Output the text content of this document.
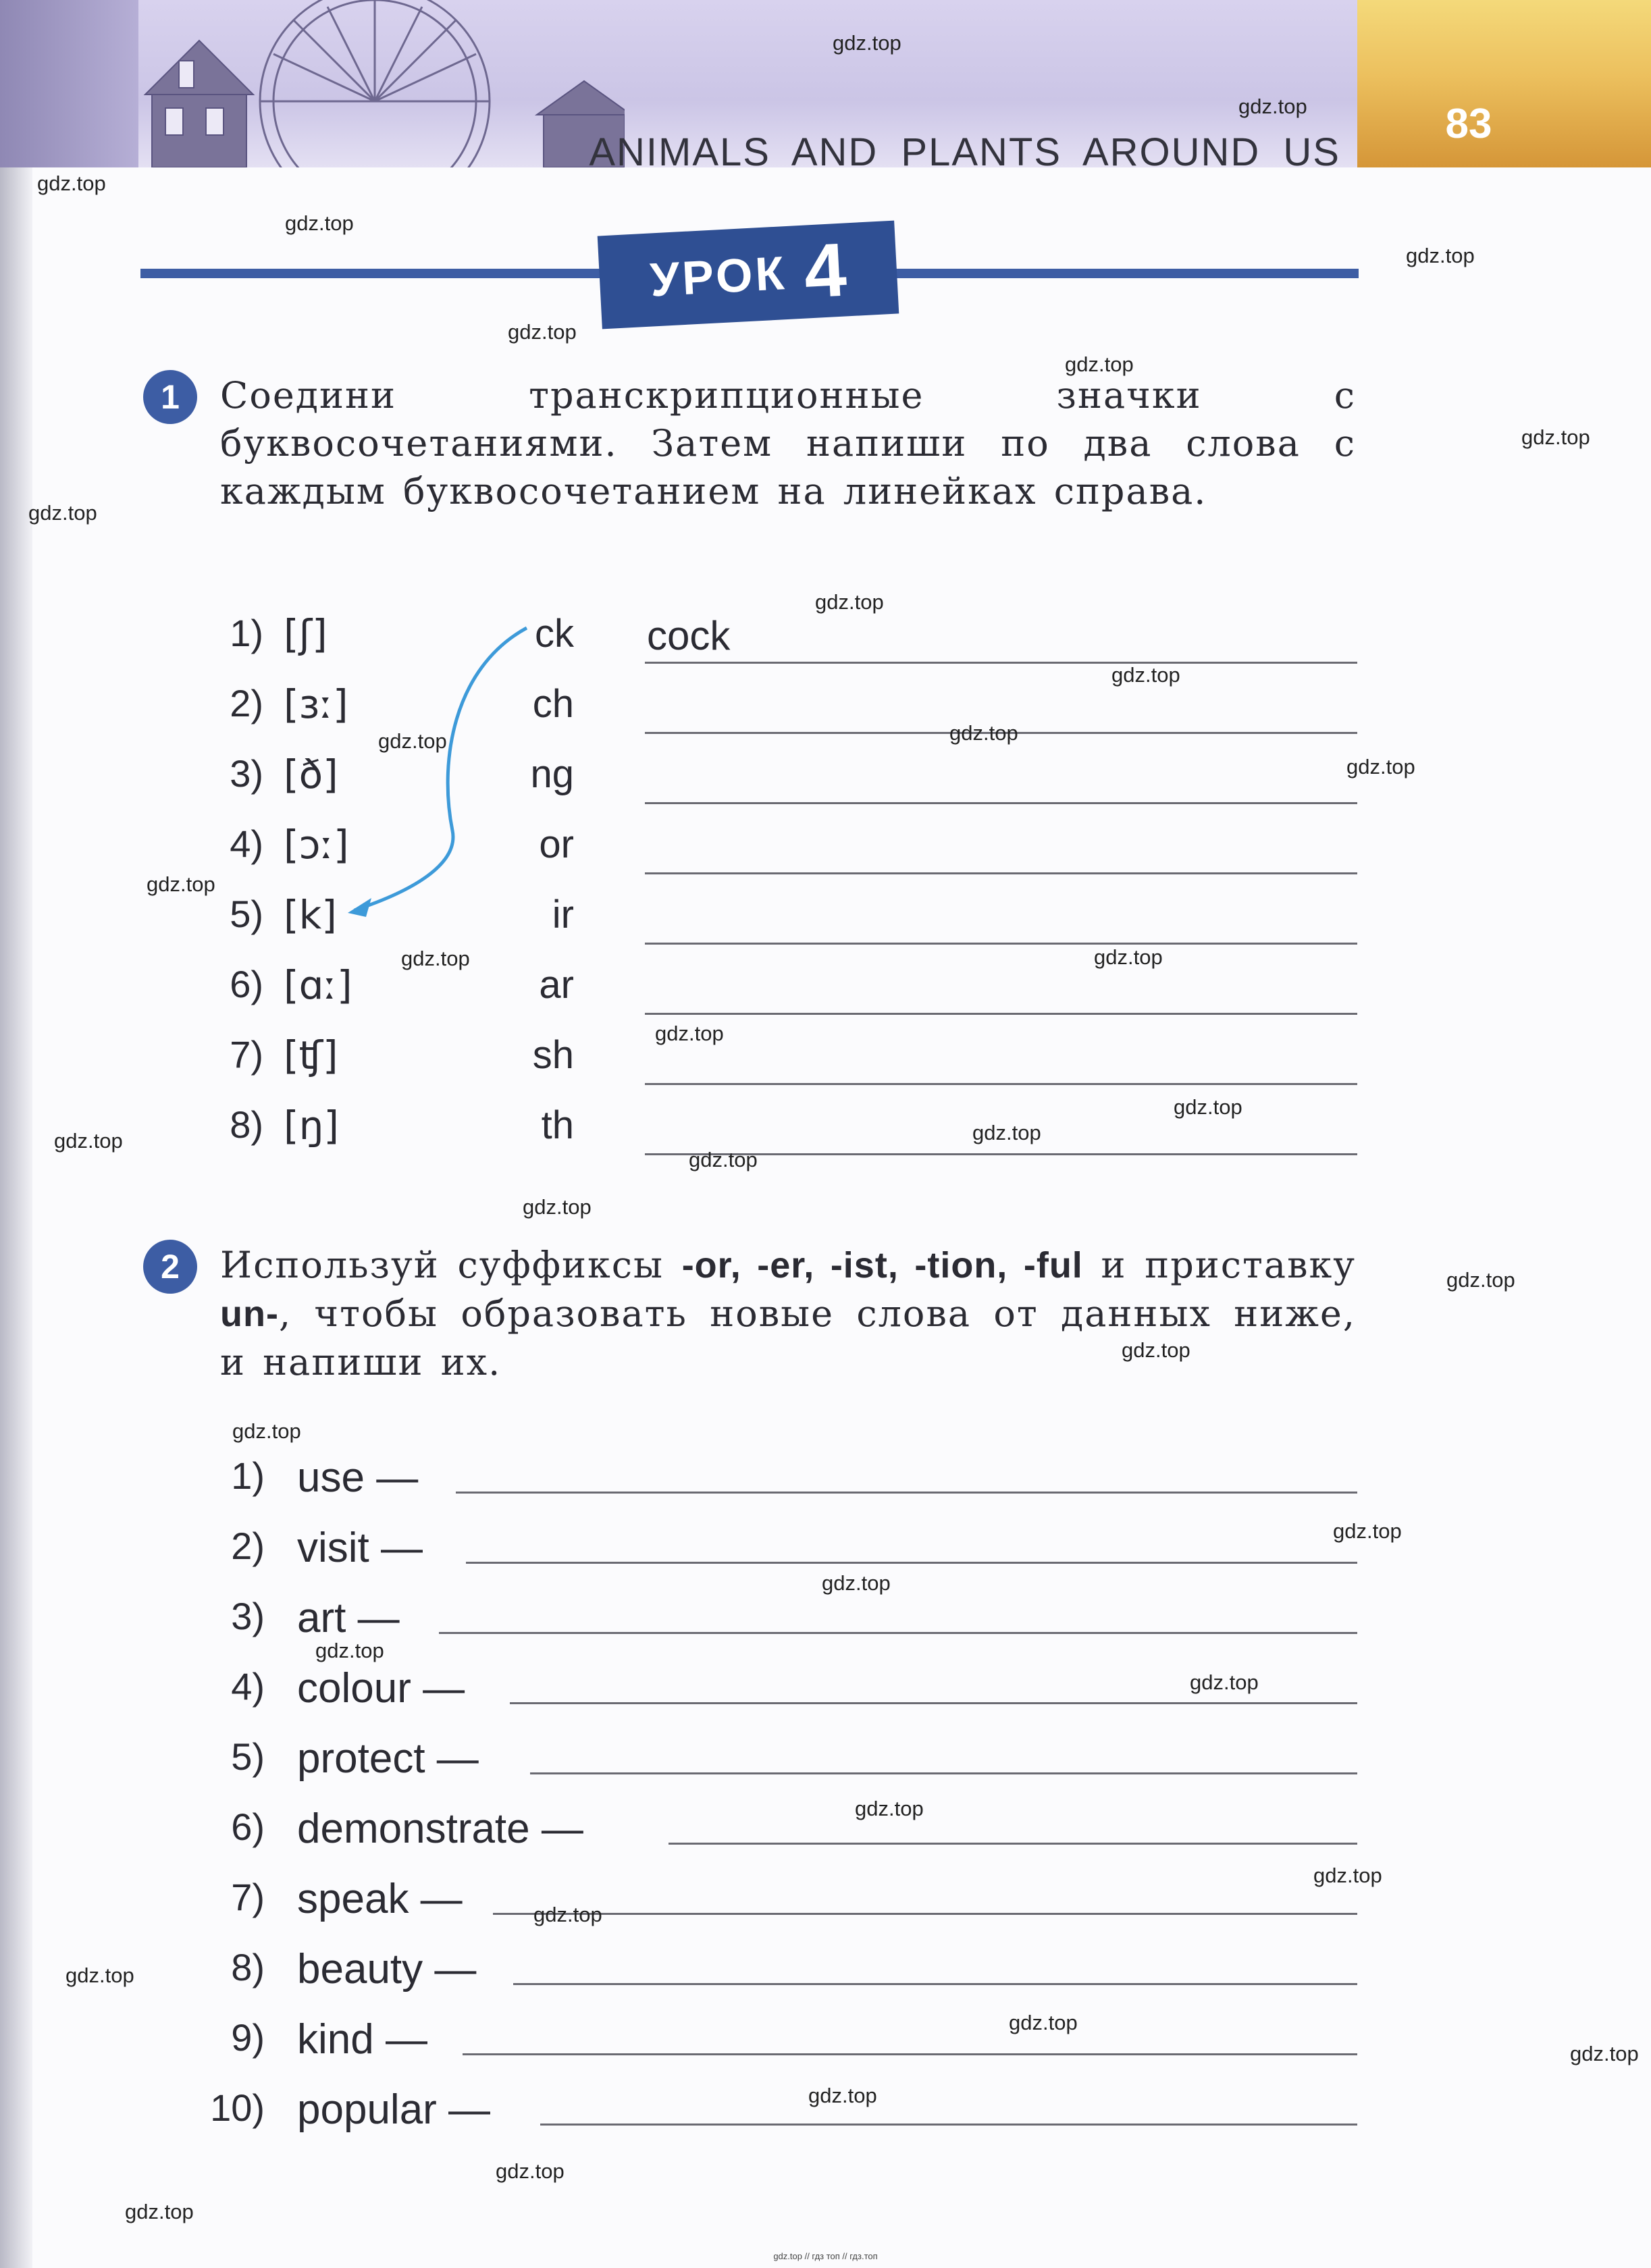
83
ANIMALS AND PLANTS AROUND US
УРОК 4
1	Соедини транскрипционные значки с буквосочетаниями. Затем напиши по два слова с каждым буквосочетанием на линейках справа.
1) [ʃ]	ck cock
2) [ɜː]	ch
3) [ð]	ng
4) [ɔː]	or
5) [k]	ir
6) [ɑː]	ar
7) [ʧ]	sh
8) [ŋ]	th
2	Используй суффиксы -or, -er, -ist, -tion, -ful и приставку un-, чтобы образовать новые слова от данных ниже, и напиши их.
1) use —
2) visit —
3) art —
4) colour —
5) protect —
6) demonstrate —
7) speak —
8) beauty —
9) kind —
10) popular —
gdz.top
gdz.top
gdz.top
gdz.top
gdz.top
gdz.top
gdz.top
gdz.top
gdz.top
gdz.top
gdz.top
gdz.top
gdz.top
gdz.top
gdz.top
gdz.top
gdz.top
gdz.top
gdz.top
gdz.top
gdz.top
gdz.top
gdz.top
gdz.top
gdz.top
gdz.top
gdz.top
gdz.top
gdz.top
gdz.top
gdz.top
gdz.top
gdz.top
gdz.top
gdz.top
gdz.top
gdz.top
gdz.top
gdz.top
gdz.top // гдз топ // гдз.топ
